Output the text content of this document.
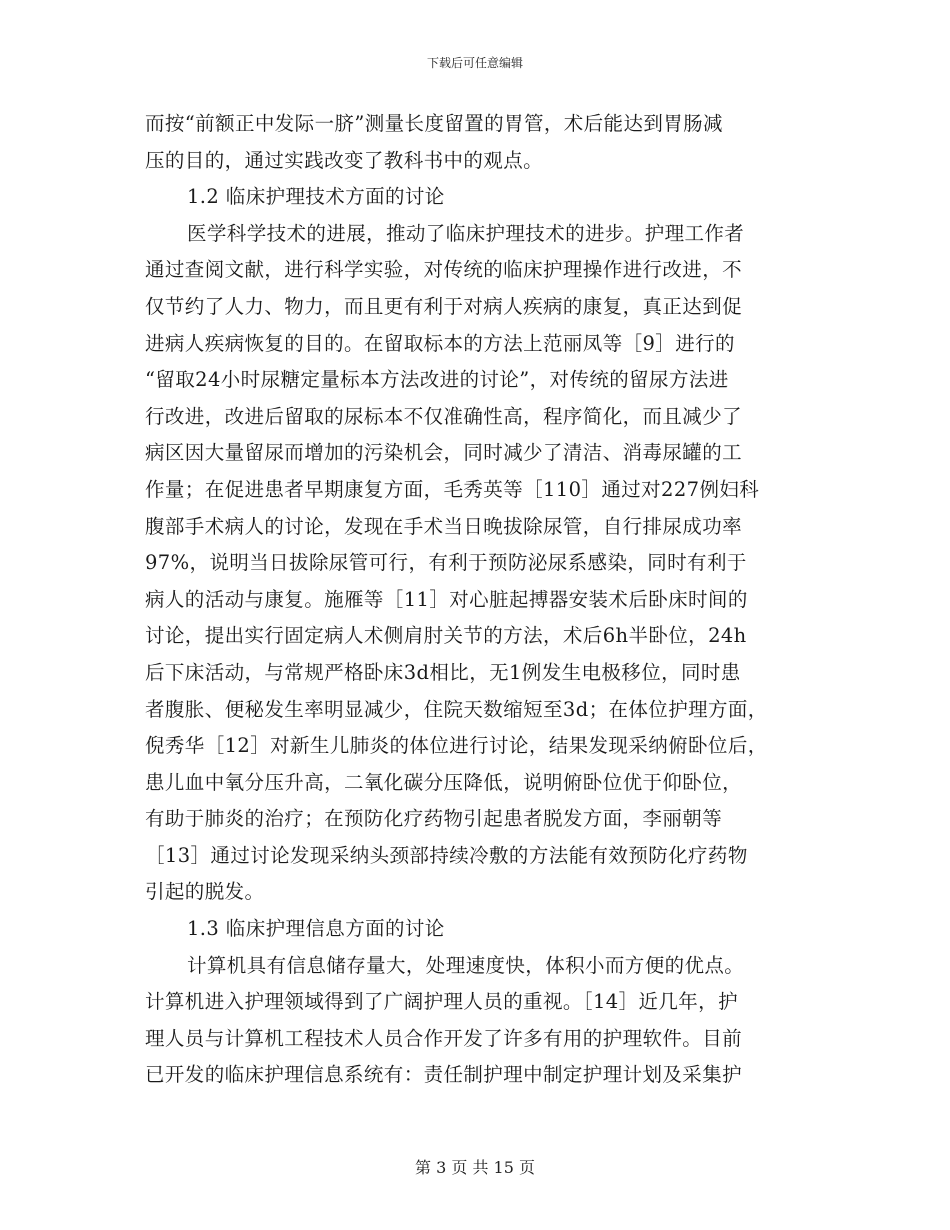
下载后可任意编辑
而按“前额正中发际一脐”测量长度留置的胃管，术后能达到胃肠减
压的目的，通过实践改变了教科书中的观点。
1.2 临床护理技术方面的讨论
医学科学技术的进展，推动了临床护理技术的进步。护理工作者
通过查阅文献，进行科学实验，对传统的临床护理操作进行改进，不
仅节约了人力、物力，而且更有利于对病人疾病的康复，真正达到促
进病人疾病恢复的目的。在留取标本的方法上范丽凤等［9］进行的
“留取24小时尿糖定量标本方法改进的讨论”，对传统的留尿方法进
行改进，改进后留取的尿标本不仅准确性高，程序简化，而且减少了
病区因大量留尿而增加的污染机会，同时减少了清洁、消毒尿罐的工
作量；在促进患者早期康复方面，毛秀英等［110］通过对227例妇科
腹部手术病人的讨论，发现在手术当日晚拔除尿管，自行排尿成功率
97%，说明当日拔除尿管可行，有利于预防泌尿系感染，同时有利于
病人的活动与康复。施雁等［11］对心脏起搏器安装术后卧床时间的
讨论，提出实行固定病人术侧肩肘关节的方法，术后6h半卧位，24h
后下床活动，与常规严格卧床3d相比，无1例发生电极移位，同时患
者腹胀、便秘发生率明显减少，住院天数缩短至3d；在体位护理方面，
倪秀华［12］对新生儿肺炎的体位进行讨论，结果发现采纳俯卧位后，
患儿血中氧分压升高，二氧化碳分压降低，说明俯卧位优于仰卧位，
有助于肺炎的治疗；在预防化疗药物引起患者脱发方面，李丽朝等
［13］通过讨论发现采纳头颈部持续冷敷的方法能有效预防化疗药物
引起的脱发。
1.3 临床护理信息方面的讨论
计算机具有信息储存量大，处理速度快，体积小而方便的优点。
计算机进入护理领域得到了广阔护理人员的重视。［14］近几年，护
理人员与计算机工程技术人员合作开发了许多有用的护理软件。目前
已开发的临床护理信息系统有：责任制护理中制定护理计划及采集护
第 3 页 共 15 页
